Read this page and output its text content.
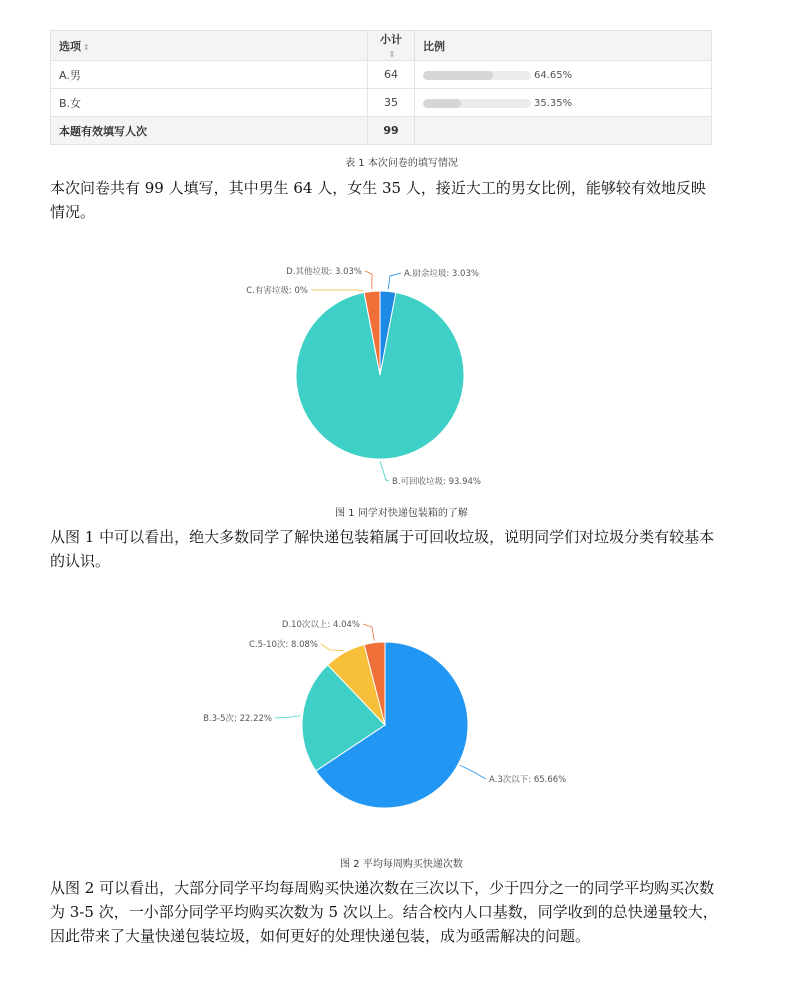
选项 ⇕	小计⇕	比例
A.男	64	64.65%
B.女	35	35.35%
本题有效填写人次	99	
表 1 本次问卷的填写情况

本次问卷共有 99 人填写，其中男生 64 人，女生 35 人，接近大工的男女比例，能够较有效地反映情况。

A.厨余垃圾: 3.03%
B.可回收垃圾: 93.94%
C.有害垃圾: 0%
D.其他垃圾: 3.03%
图 1 同学对快递包装箱的了解

从图 1 中可以看出，绝大多数同学了解快递包装箱属于可回收垃圾，说明同学们对垃圾分类有较基本的认识。

A.3次以下: 65.66%
B.3-5次: 22.22%
C.5-10次: 8.08%
D.10次以上: 4.04%
图 2 平均每周购买快递次数

从图 2 可以看出，大部分同学平均每周购买快递次数在三次以下，少于四分之一的同学平均购买次数为 3-5 次，一小部分同学平均购买次数为 5 次以上。结合校内人口基数，同学收到的总快递量较大，因此带来了大量快递包装垃圾，如何更好的处理快递包装，成为亟需解决的问题。
